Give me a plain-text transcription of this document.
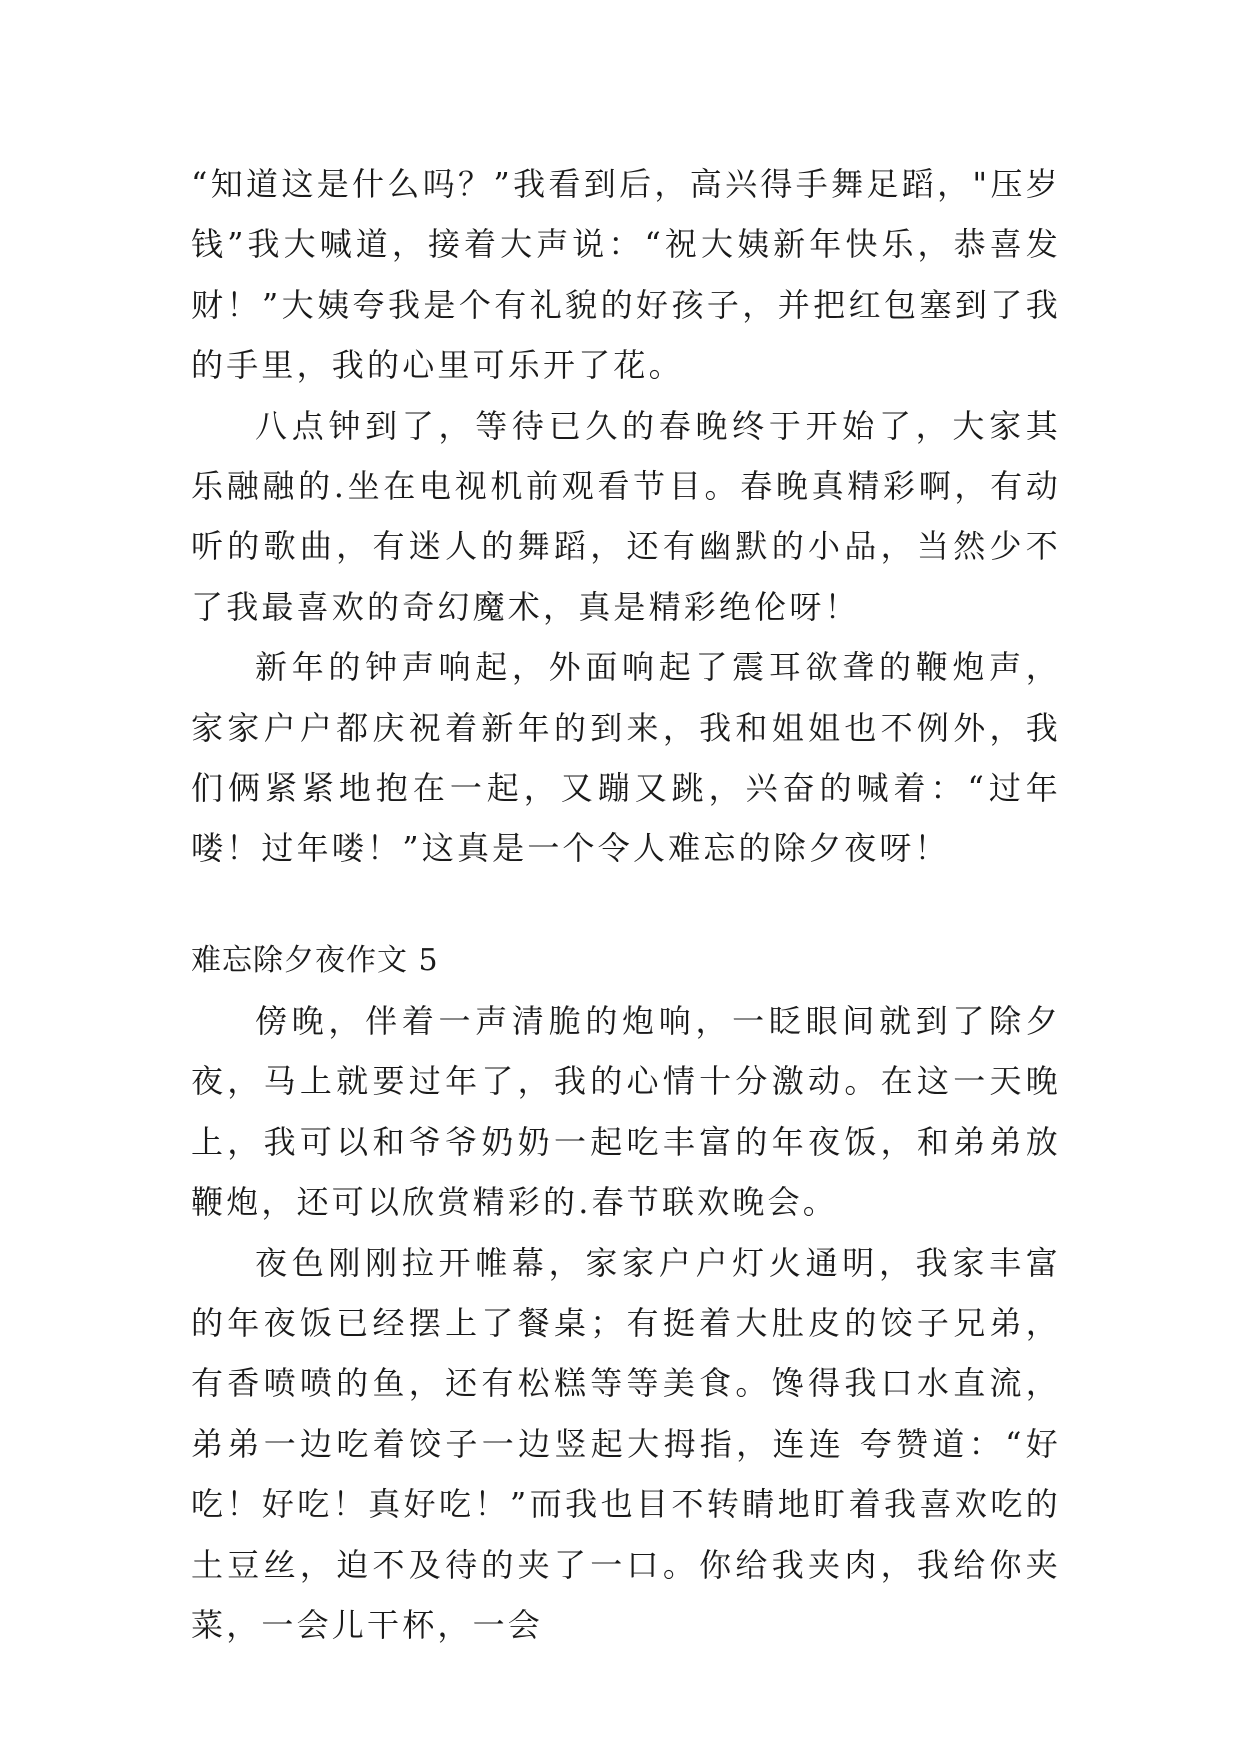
“知道这是什么吗？”我看到后，高兴得手舞足蹈，"压岁钱”我大喊道，接着大声说：“祝大姨新年快乐，恭喜发财！”大姨夸我是个有礼貌的好孩子，并把红包塞到了我的手里，我的心里可乐开了花。

八点钟到了，等待已久的春晚终于开始了，大家其乐融融的.坐在电视机前观看节目。春晚真精彩啊，有动听的歌曲，有迷人的舞蹈，还有幽默的小品，当然少不了我最喜欢的奇幻魔术，真是精彩绝伦呀！

新年的钟声响起，外面响起了震耳欲聋的鞭炮声，家家户户都庆祝着新年的到来，我和姐姐也不例外，我们俩紧紧地抱在一起，又蹦又跳，兴奋的喊着：“过年喽！过年喽！”这真是一个令人难忘的除夕夜呀！

难忘除夕夜作文 5

傍晚，伴着一声清脆的炮响，一眨眼间就到了除夕夜，马上就要过年了，我的心情十分激动。在这一天晚上，我可以和爷爷奶奶一起吃丰富的年夜饭，和弟弟放鞭炮，还可以欣赏精彩的.春节联欢晚会。

夜色刚刚拉开帷幕，家家户户灯火通明，我家丰富的年夜饭已经摆上了餐桌；有挺着大肚皮的饺子兄弟，有香喷喷的鱼，还有松糕等等美食。馋得我口水直流，弟弟一边吃着饺子一边竖起大拇指，连连 夸赞道：“好吃！好吃！真好吃！”而我也目不转睛地盯着我喜欢吃的土豆丝，迫不及待的夹了一口。你给我夹肉，我给你夹菜，一会儿干杯，一会
